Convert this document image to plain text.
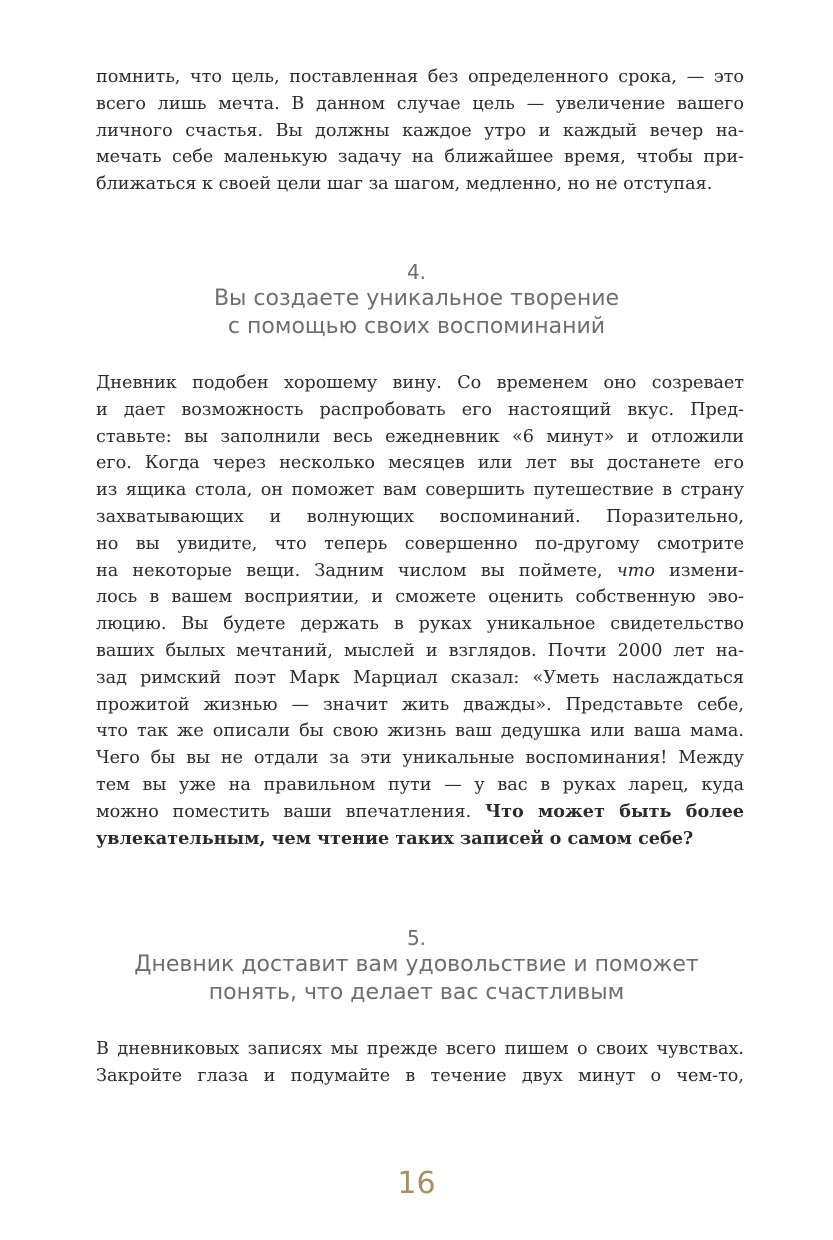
помнить, что цель, поставленная без определенного срока, — это
всего лишь мечта. В данном случае цель — увеличение вашего
личного счастья. Вы должны каждое утро и каждый вечер на-
мечать себе маленькую задачу на ближайшее время, чтобы при-
ближаться к своей цели шаг за шагом, медленно, но не отступая.
4.
Вы создаете уникальное творение
с помощью своих воспоминаний
Дневник подобен хорошему вину. Со временем оно созревает
и дает возможность распробовать его настоящий вкус. Пред-
ставьте: вы заполнили весь ежедневник «6 минут» и отложили
его. Когда через несколько месяцев или лет вы достанете его
из ящика стола, он поможет вам совершить путешествие в страну
захватывающих и волнующих воспоминаний. Поразительно,
но вы увидите, что теперь совершенно по-другому смотрите
на некоторые вещи. Задним числом вы поймете, что измени-
лось в вашем восприятии, и сможете оценить собственную эво-
люцию. Вы будете держать в руках уникальное свидетельство
ваших былых мечтаний, мыслей и взглядов. Почти 2000 лет на-
зад римский поэт Марк Марциал сказал: «Уметь наслаждаться
прожитой жизнью — значит жить дважды». Представьте себе,
что так же описали бы свою жизнь ваш дедушка или ваша мама.
Чего бы вы не отдали за эти уникальные воспоминания! Между
тем вы уже на правильном пути — у вас в руках ларец, куда
можно поместить ваши впечатления. Что может быть более
увлекательным, чем чтение таких записей о самом себе?
5.
Дневник доставит вам удовольствие и поможет
понять, что делает вас счастливым
В дневниковых записях мы прежде всего пишем о своих чувствах.
Закройте глаза и подумайте в течение двух минут о чем-то,
16
